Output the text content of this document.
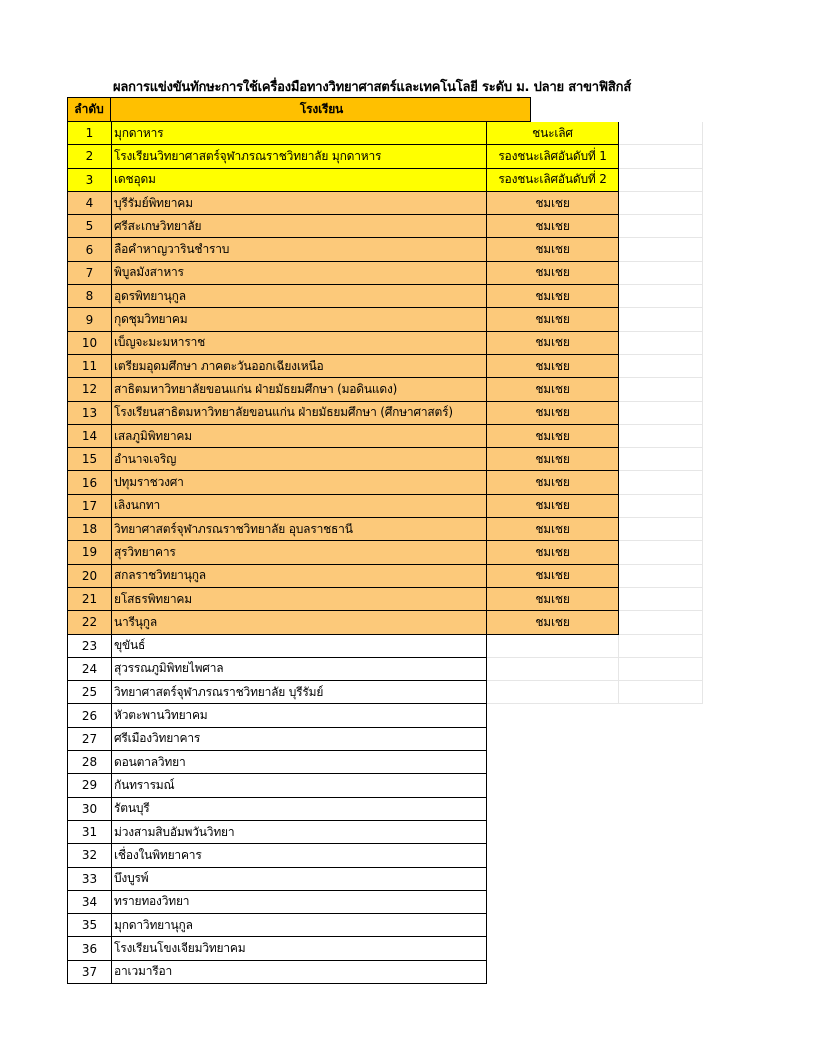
ผลการแข่งขันทักษะการใช้เครื่องมือทางวิทยาศาสตร์และเทคโนโลยี ระดับ ม. ปลาย สาขาฟิสิกส์
ลำดับ	โรงเรียน
1	มุกดาหาร	ชนะเลิศ
2	โรงเรียนวิทยาศาสตร์จุฬาภรณราชวิทยาลัย มุกดาหาร	รองชนะเลิศอันดับที่ 1
3	เดชอุดม	รองชนะเลิศอันดับที่ 2
4	บุรีรัมย์พิทยาคม	ชมเชย
5	ศรีสะเกษวิทยาลัย	ชมเชย
6	ลือคำหาญวารินชำราบ	ชมเชย
7	พิบูลมังสาหาร	ชมเชย
8	อุดรพิทยานุกูล	ชมเชย
9	กุดชุมวิทยาคม	ชมเชย
10	เบ็ญจะมะมหาราช	ชมเชย
11	เตรียมอุดมศึกษา ภาคตะวันออกเฉียงเหนือ	ชมเชย
12	สาธิตมหาวิทยาลัยขอนแก่น ฝ่ายมัธยมศึกษา (มอดินแดง)	ชมเชย
13	โรงเรียนสาธิตมหาวิทยาลัยขอนแก่น ฝ่ายมัธยมศึกษา (ศึกษาศาสตร์)	ชมเชย
14	เสลภูมิพิทยาคม	ชมเชย
15	อำนาจเจริญ	ชมเชย
16	ปทุมราชวงศา	ชมเชย
17	เลิงนกทา	ชมเชย
18	วิทยาศาสตร์จุฬาภรณราชวิทยาลัย อุบลราชธานี	ชมเชย
19	สุรวิทยาคาร	ชมเชย
20	สกลราชวิทยานุกูล	ชมเชย
21	ยโสธรพิทยาคม	ชมเชย
22	นารีนุกูล	ชมเชย
23	ขุขันธ์
24	สุวรรณภูมิพิทยไพศาล
25	วิทยาศาสตร์จุฬาภรณราชวิทยาลัย บุรีรัมย์
26	หัวตะพานวิทยาคม
27	ศรีเมืองวิทยาคาร
28	ดอนตาลวิทยา
29	กันทรารมณ์
30	รัตนบุรี
31	ม่วงสามสิบอัมพวันวิทยา
32	เชื่องในพิทยาคาร
33	บึงบูรพ์
34	ทรายทองวิทยา
35	มุกดาวิทยานุกูล
36	โรงเรียนโขงเจียมวิทยาคม
37	อาเวมารีอา
